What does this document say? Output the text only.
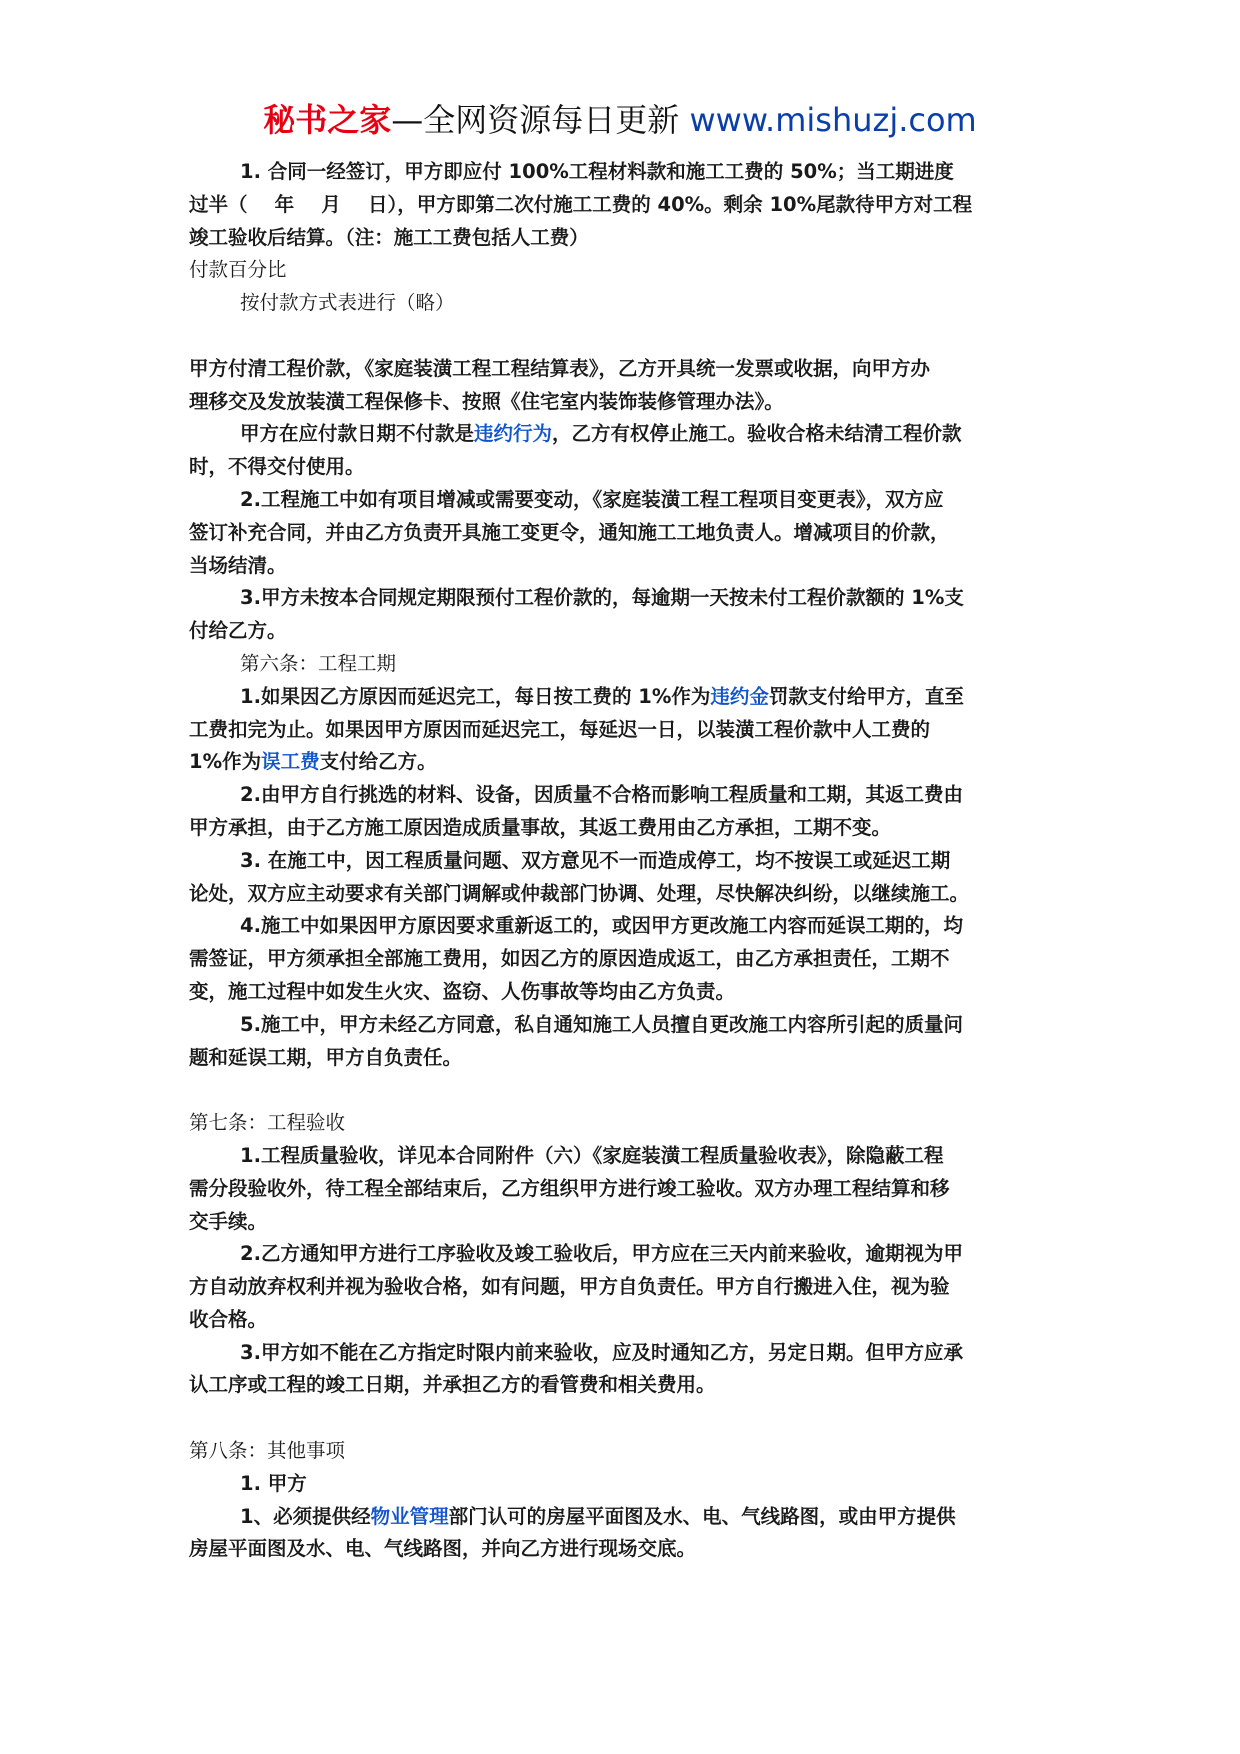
秘书之家—全网资源每日更新 www.mishuzj.com
1. 合同一经签订，甲方即应付 100%工程材料款和施工工费的 50%；当工期进度
过半（    年    月    日），甲方即第二次付施工工费的 40%。剩余 10%尾款待甲方对工程
竣工验收后结算。（注：施工工费包括人工费）
付款百分比
按付款方式表进行（略）
甲方付清工程价款，《家庭装潢工程工程结算表》，乙方开具统一发票或收据，向甲方办
理移交及发放装潢工程保修卡、按照《住宅室内装饰装修管理办法》。
甲方在应付款日期不付款是违约行为，乙方有权停止施工。验收合格未结清工程价款
时，不得交付使用。
2.工程施工中如有项目增减或需要变动，《家庭装潢工程工程项目变更表》，双方应
签订补充合同，并由乙方负责开具施工变更令，通知施工工地负责人。增减项目的价款，
当场结清。
3.甲方未按本合同规定期限预付工程价款的，每逾期一天按未付工程价款额的 1%支
付给乙方。
第六条：工程工期
1.如果因乙方原因而延迟完工，每日按工费的 1%作为违约金罚款支付给甲方，直至
工费扣完为止。如果因甲方原因而延迟完工，每延迟一日，以装潢工程价款中人工费的
1%作为误工费支付给乙方。
2.由甲方自行挑选的材料、设备，因质量不合格而影响工程质量和工期，其返工费由
甲方承担，由于乙方施工原因造成质量事故，其返工费用由乙方承担，工期不变。
3. 在施工中，因工程质量问题、双方意见不一而造成停工，均不按误工或延迟工期
论处，双方应主动要求有关部门调解或仲裁部门协调、处理，尽快解决纠纷，以继续施工。
4.施工中如果因甲方原因要求重新返工的，或因甲方更改施工内容而延误工期的，均
需签证，甲方须承担全部施工费用，如因乙方的原因造成返工，由乙方承担责任，工期不
变，施工过程中如发生火灾、盗窃、人伤事故等均由乙方负责。
5.施工中，甲方未经乙方同意，私自通知施工人员擅自更改施工内容所引起的质量问
题和延误工期，甲方自负责任。
第七条：工程验收
1.工程质量验收，详见本合同附件（六）《家庭装潢工程质量验收表》，除隐蔽工程
需分段验收外，待工程全部结束后，乙方组织甲方进行竣工验收。双方办理工程结算和移
交手续。
2.乙方通知甲方进行工序验收及竣工验收后，甲方应在三天内前来验收，逾期视为甲
方自动放弃权利并视为验收合格，如有问题，甲方自负责任。甲方自行搬进入住，视为验
收合格。
3.甲方如不能在乙方指定时限内前来验收，应及时通知乙方，另定日期。但甲方应承
认工序或工程的竣工日期，并承担乙方的看管费和相关费用。
第八条：其他事项
1. 甲方
1、必须提供经物业管理部门认可的房屋平面图及水、电、气线路图，或由甲方提供
房屋平面图及水、电、气线路图，并向乙方进行现场交底。
